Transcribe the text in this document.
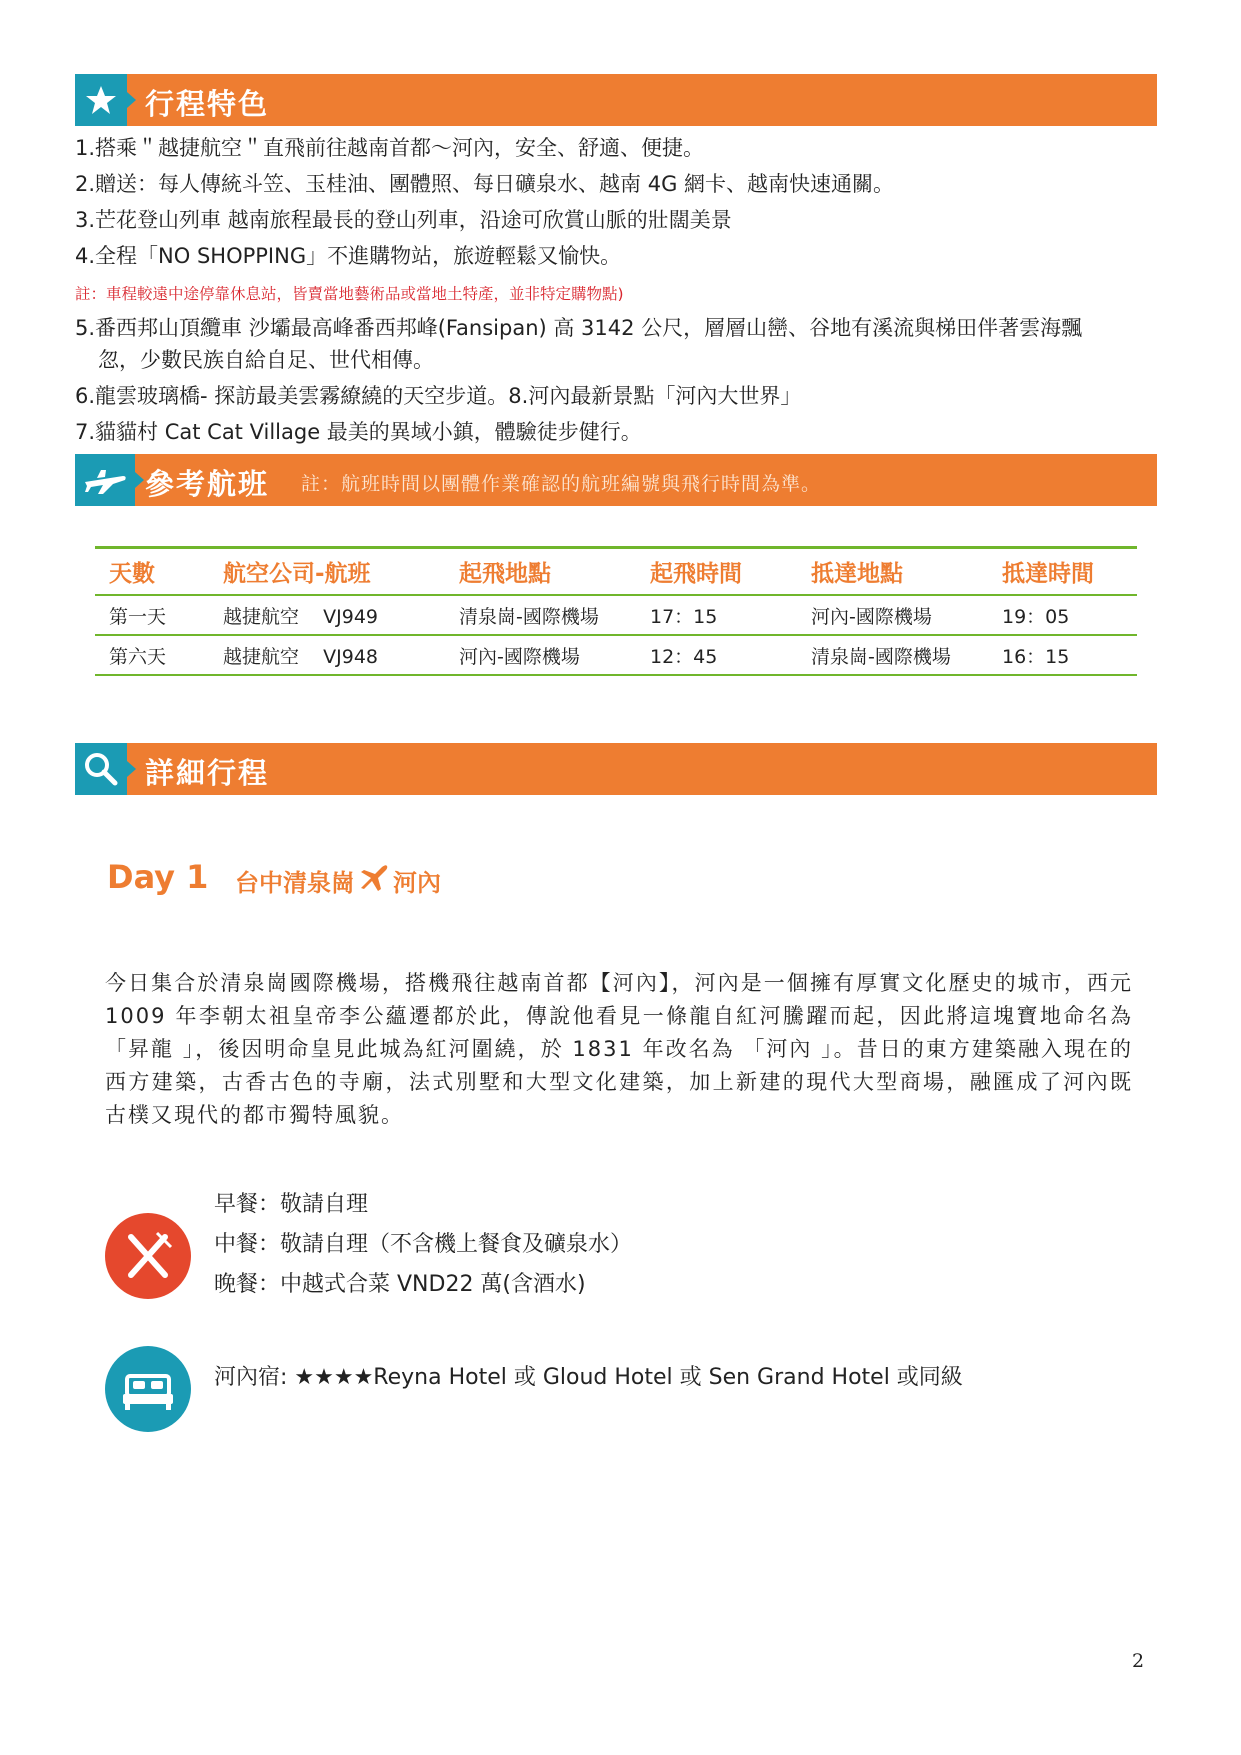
行程特色
1.搭乘＂越捷航空＂直飛前往越南首都～河內，安全、舒適、便捷。
2.贈送：每人傳統斗笠、玉桂油、團體照、每日礦泉水、越南 4G 網卡、越南快速通關。
3.芒花登山列車 越南旅程最長的登山列車，沿途可欣賞山脈的壯闊美景
4.全程「NO SHOPPING」不進購物站，旅遊輕鬆又愉快。
註：車程較遠中途停靠休息站，皆賣當地藝術品或當地土特產，並非特定購物點)
5.番西邦山頂纜車 沙壩最高峰番西邦峰(Fansipan) 高 3142 公尺，層層山巒、谷地有溪流與梯田伴著雲海飄
忽，少數民族自給自足、世代相傳。
6.龍雲玻璃橋- 探訪最美雲霧繚繞的天空步道。8.河內最新景點「河內大世界」
7.貓貓村 Cat Cat Village 最美的異域小鎮，體驗徒步健行。
參考航班 註：航班時間以團體作業確認的航班編號與飛行時間為準。
天數	航空公司-航班	起飛地點	起飛時間	抵達地點	抵達時間
第一天	越捷航空    VJ949	清泉崗-國際機場	17：15	河內-國際機場	19：05
第六天	越捷航空    VJ948	河內-國際機場	12：45	清泉崗-國際機場	16：15
詳細行程
Day 1 台中清泉崗 河內
今日集合於清泉崗國際機場，搭機飛往越南首都【河內】，河內是一個擁有厚實文化歷史的城市，西元 1009 年李朝太祖皇帝李公蘊遷都於此，傳說他看見一條龍自紅河騰躍而起，因此將這塊寶地命名為「昇龍 」，後因明命皇見此城為紅河圍繞，於 1831 年改名為 「河內 」。昔日的東方建築融入現在的西方建築，古香古色的寺廟，法式別墅和大型文化建築，加上新建的現代大型商場，融匯成了河內既古樸又現代的都市獨特風貌。
早餐：敬請自理
中餐：敬請自理（不含機上餐食及礦泉水）
晚餐：中越式合菜 VND22 萬(含酒水)
河內宿: ★★★★Reyna Hotel 或 Gloud Hotel 或 Sen Grand Hotel 或同級
2
